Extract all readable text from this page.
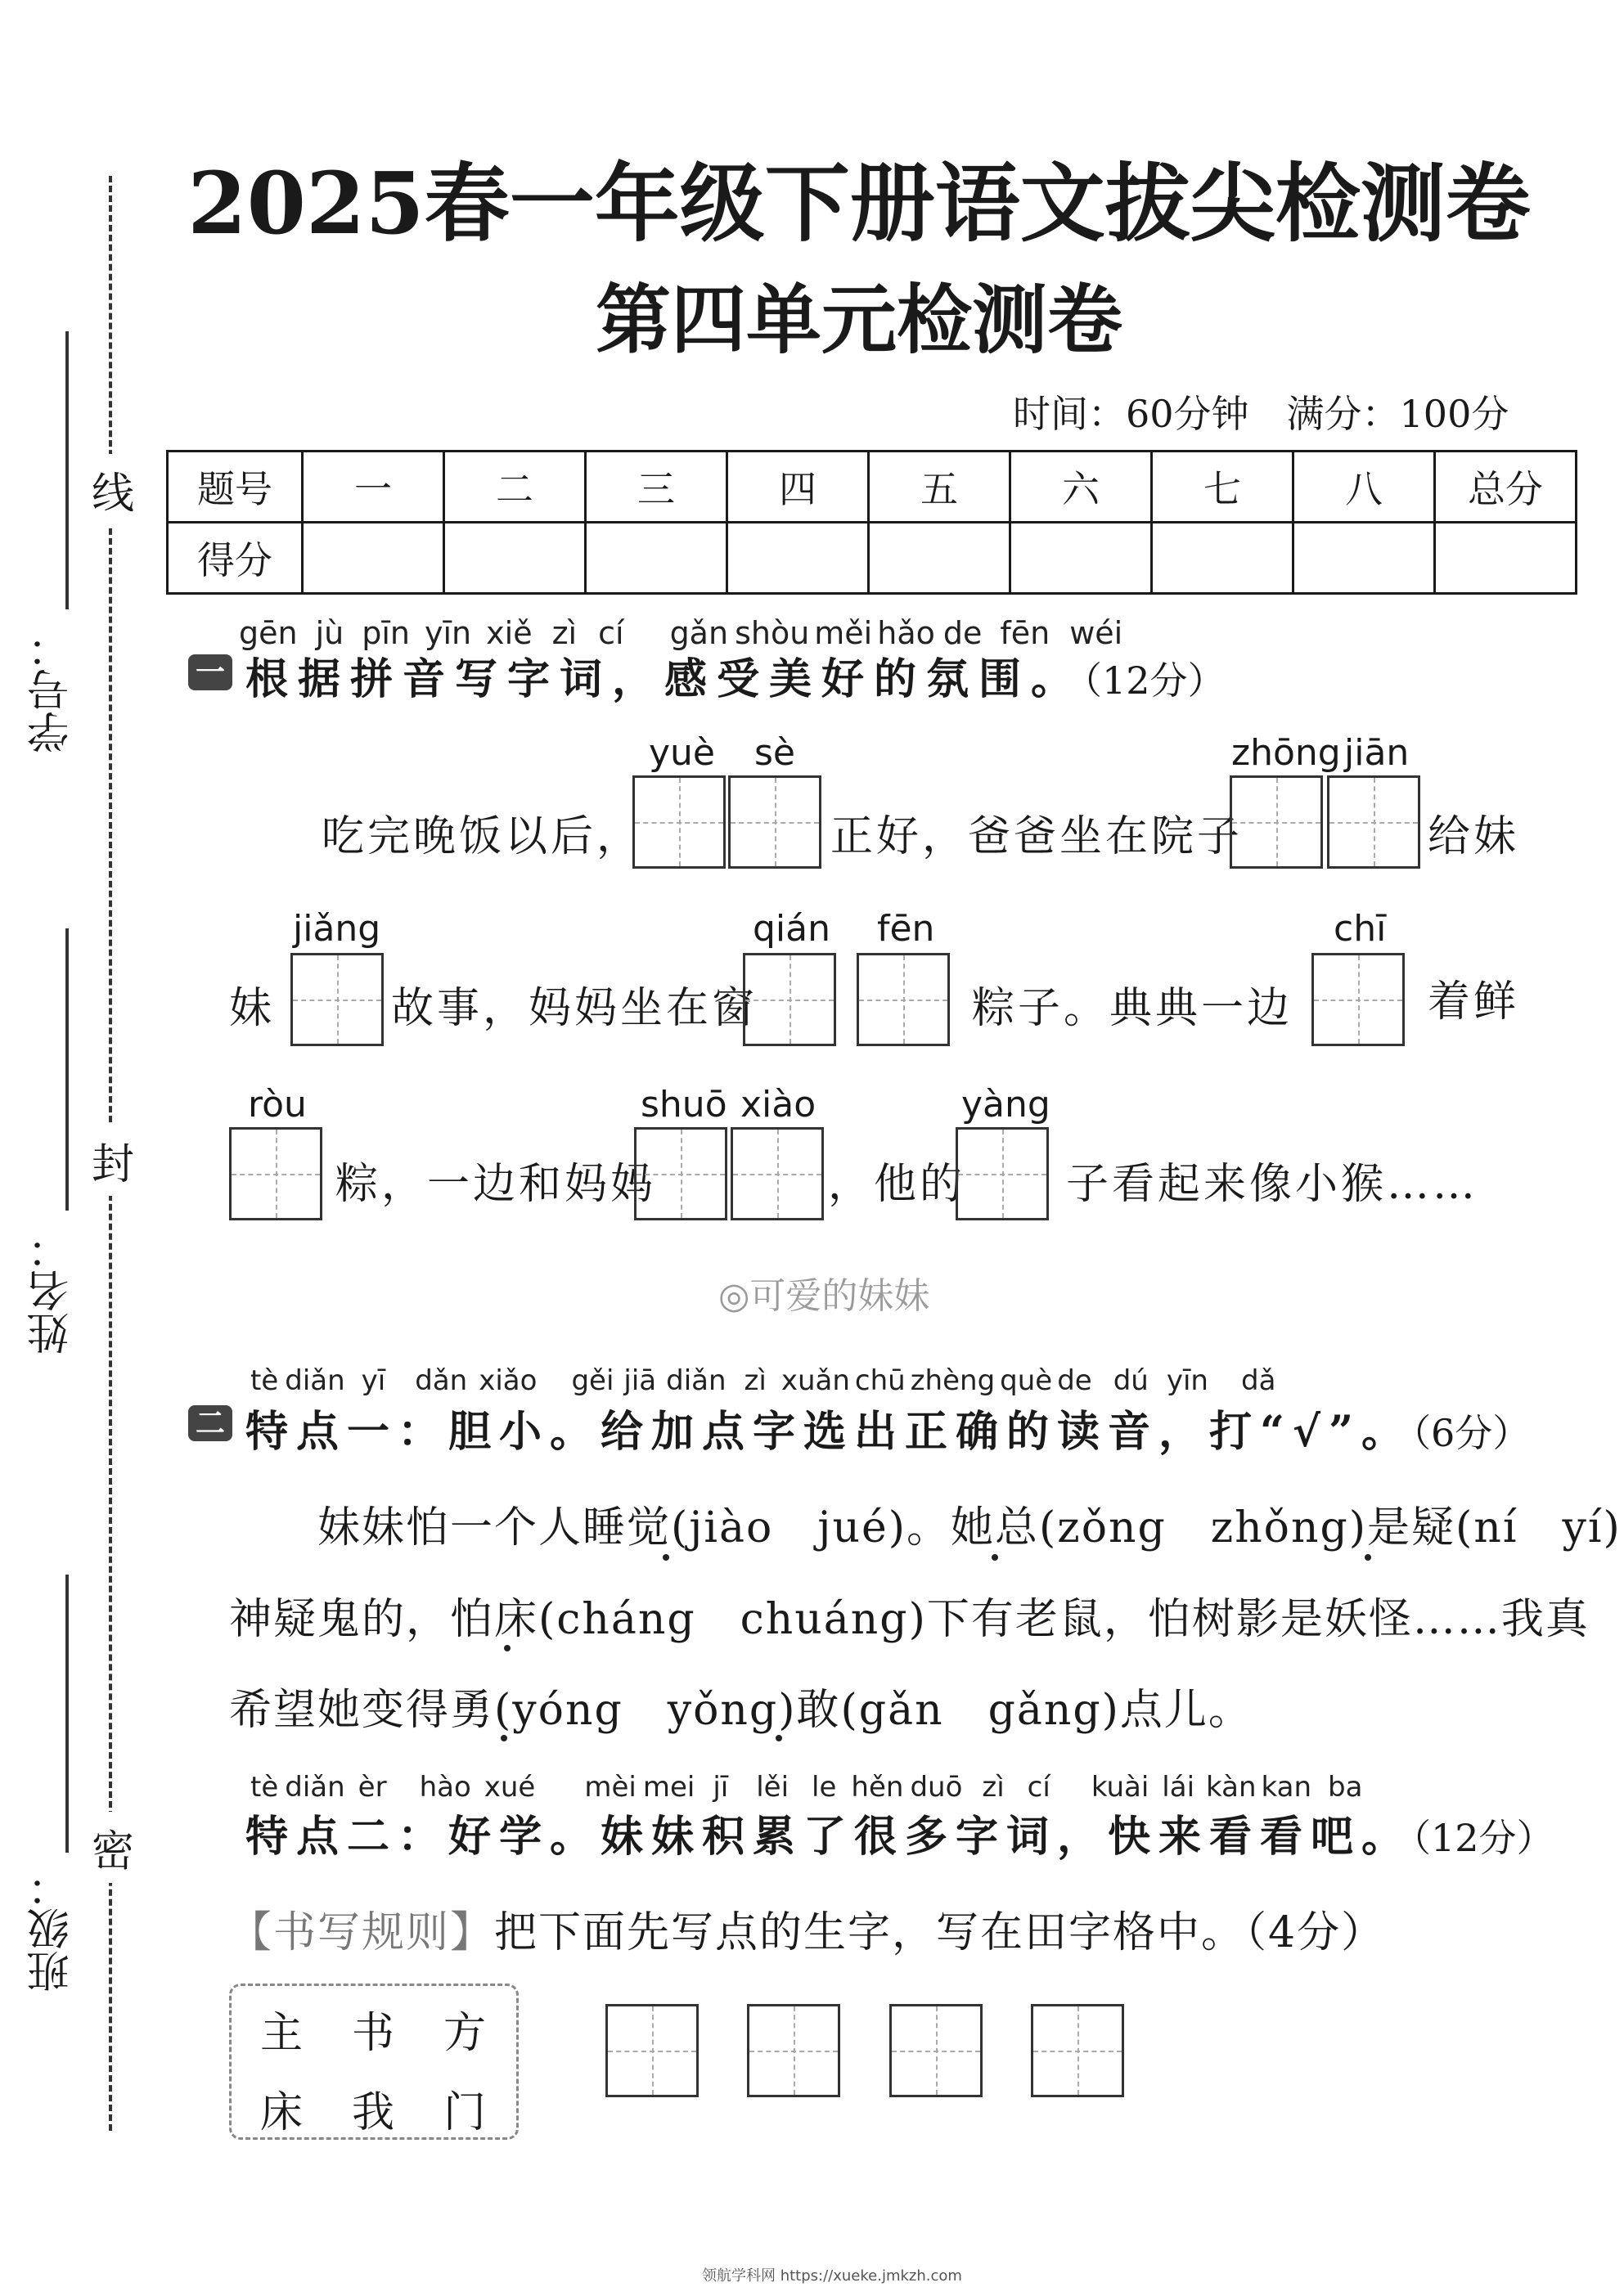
线
封
密
学号：
姓名：
班级：
2025春一年级下册语文拔尖检测卷
第四单元检测卷
时间：60分钟　满分：100分
题号	一	二	三	四	五	六	七	八	总分
得分									
gēn jù pīn yīn xiě zì cí gǎn shòu měi hǎo de fēn wéi
一 根据拼音写字词，感受美好的氛围。（12分）
yuè sè	zhōng jiān
吃完晚饭以后，	正好，爸爸坐在院子	给妹
jiǎng	qián fēn	chī
妹	故事，妈妈坐在窗	粽子。典典一边	着鲜
ròu	shuō xiào	yàng
粽，一边和妈妈	，他的 子看起来像小猴……
◎可爱的妹妹
tè diǎn yī dǎn xiǎo gěi jiā diǎn zì xuǎn chū zhèng què de dú yīn dǎ
二 特点一：胆小。给加点字选出正确的读音，打“√”。（6分）
妹妹怕一个人睡觉(jiào　jué)。她总(zǒng　zhǒng)是疑(ní　yí)
神疑鬼的，怕床(cháng　chuáng)下有老鼠，怕树影是妖怪……我真
希望她变得勇(yóng　yǒng)敢(gǎn　gǎng)点儿。
tè diǎn èr hào xué mèi mei jī lěi le hěn duō zì cí kuài lái kàn kan ba
特点二：好学。妹妹积累了很多字词，快来看看吧。（12分）
【书写规则】把下面先写点的生字，写在田字格中。（4分）
主 书 方
床 我 门
领航学科网 https://xueke.jmkzh.com
